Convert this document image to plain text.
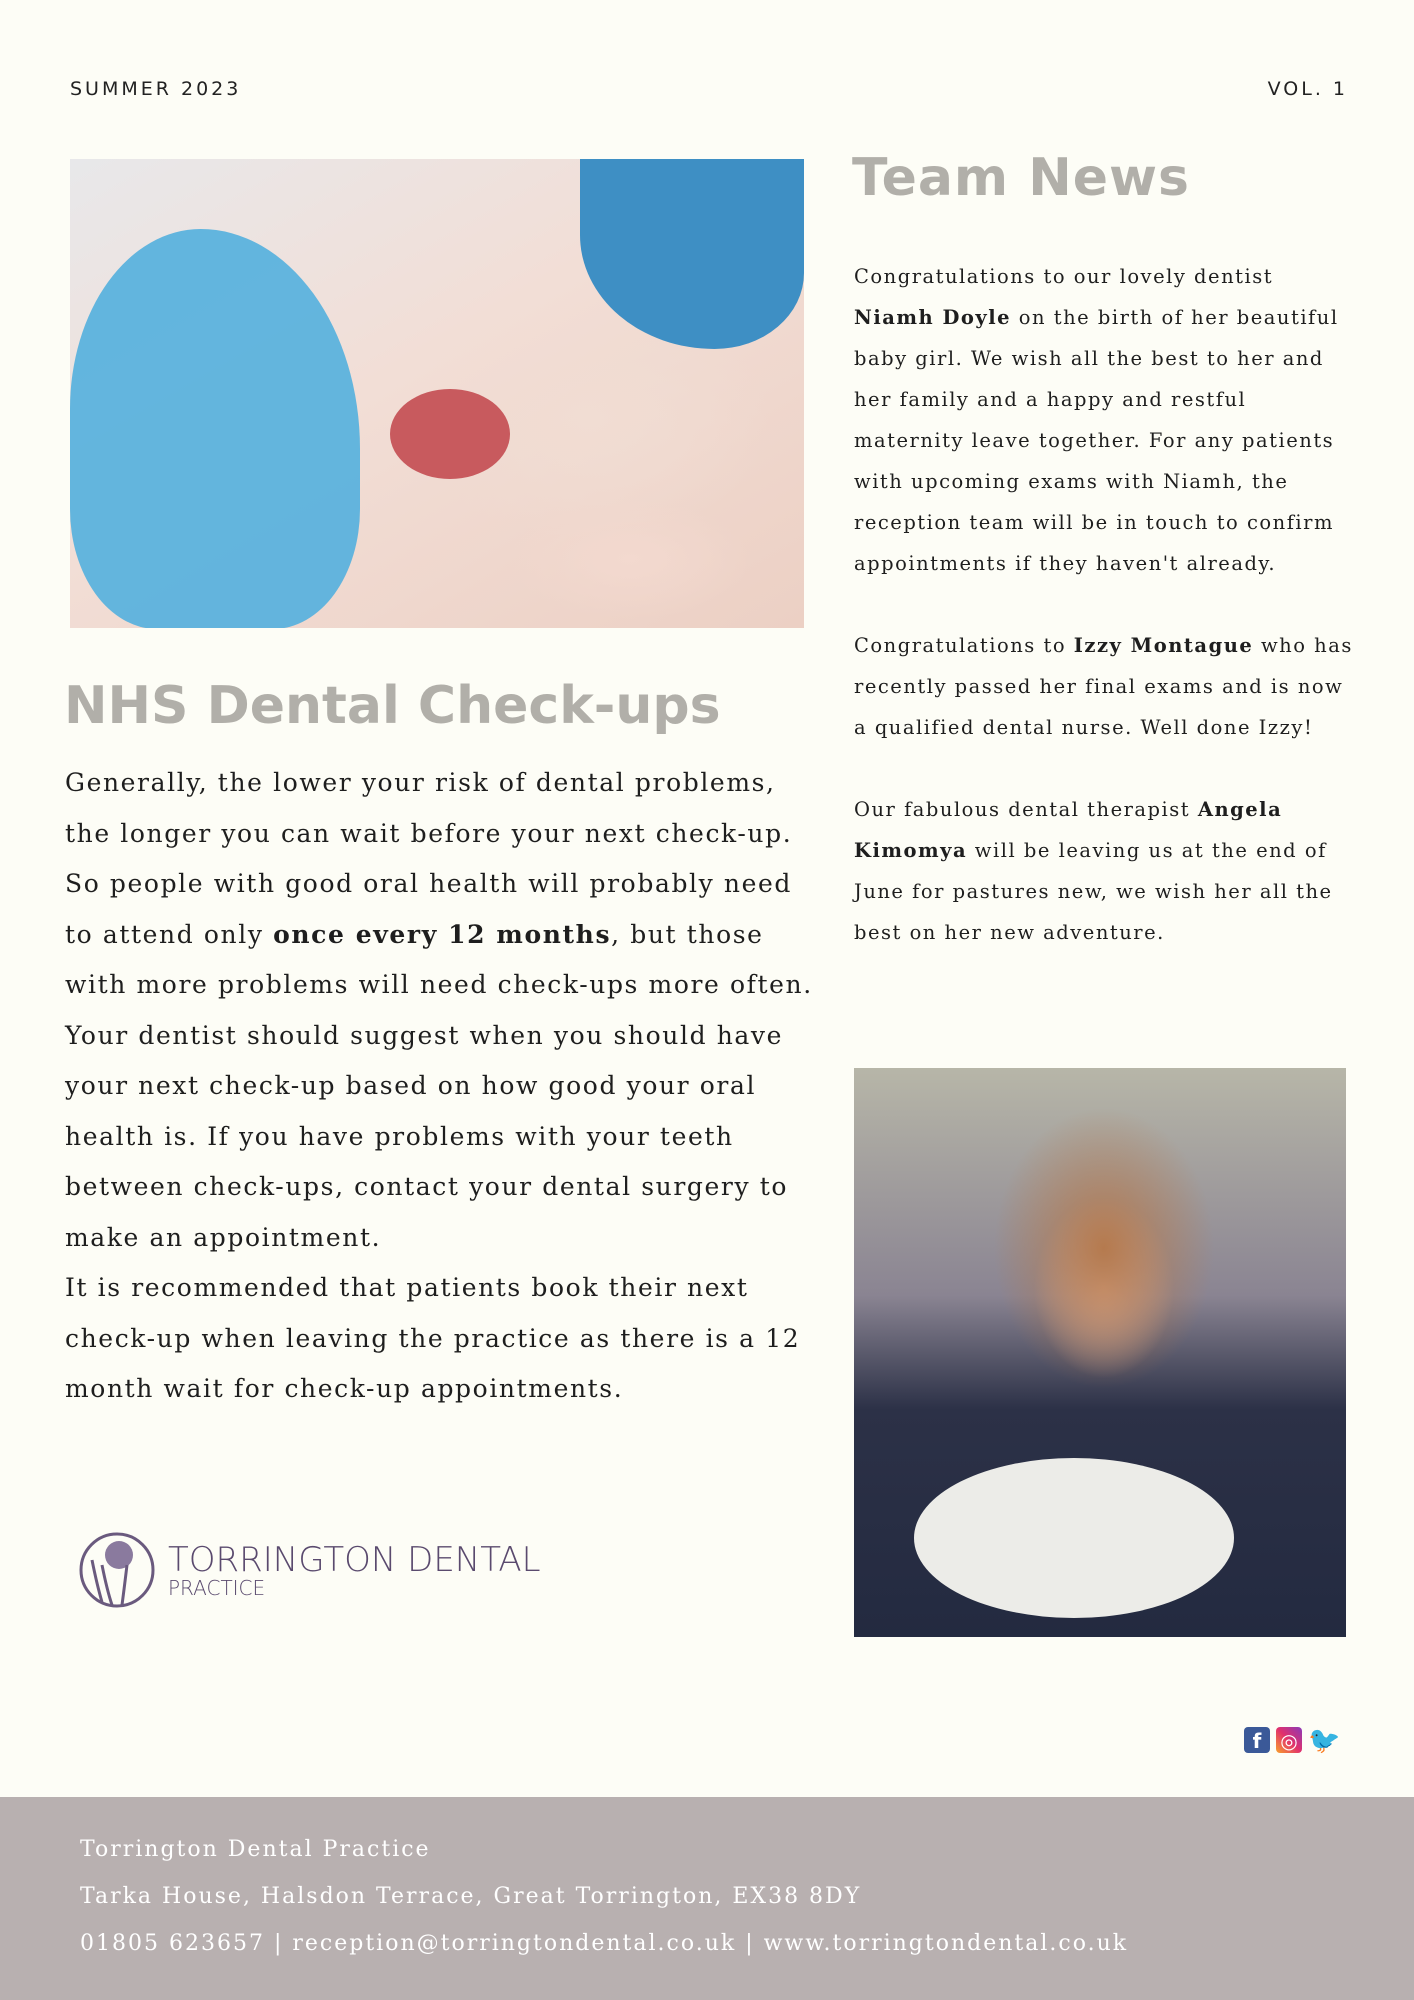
SUMMER 2023	VOL. 1
Team News

Congratulations to our lovely dentist Niamh Doyle on the birth of her beautiful baby girl. We wish all the best to her and her family and a happy and restful maternity leave together. For any patients with upcoming exams with Niamh, the reception team will be in touch to confirm appointments if they haven't already.

Congratulations to Izzy Montague who has recently passed her final exams and is now a qualified dental nurse. Well done Izzy!

Our fabulous dental therapist Angela Kimomya will be leaving us at the end of June for pastures new, we wish her all the best on her new adventure.

NHS Dental Check-ups

Generally, the lower your risk of dental problems, the longer you can wait before your next check-up. So people with good oral health will probably need to attend only once every 12 months, but those with more problems will need check-ups more often. Your dentist should suggest when you should have your next check-up based on how good your oral health is. If you have problems with your teeth between check-ups, contact your dental surgery to make an appointment.

It is recommended that patients book their next check-up when leaving the practice as there is a 12 month wait for check-up appointments.

TORRINGTON DENTAL
PRACTICE
f ◎ 🐦
Torrington Dental Practice
Tarka House, Halsdon Terrace, Great Torrington, EX38 8DY
01805 623657 | reception@torringtondental.co.uk | www.torringtondental.co.uk
